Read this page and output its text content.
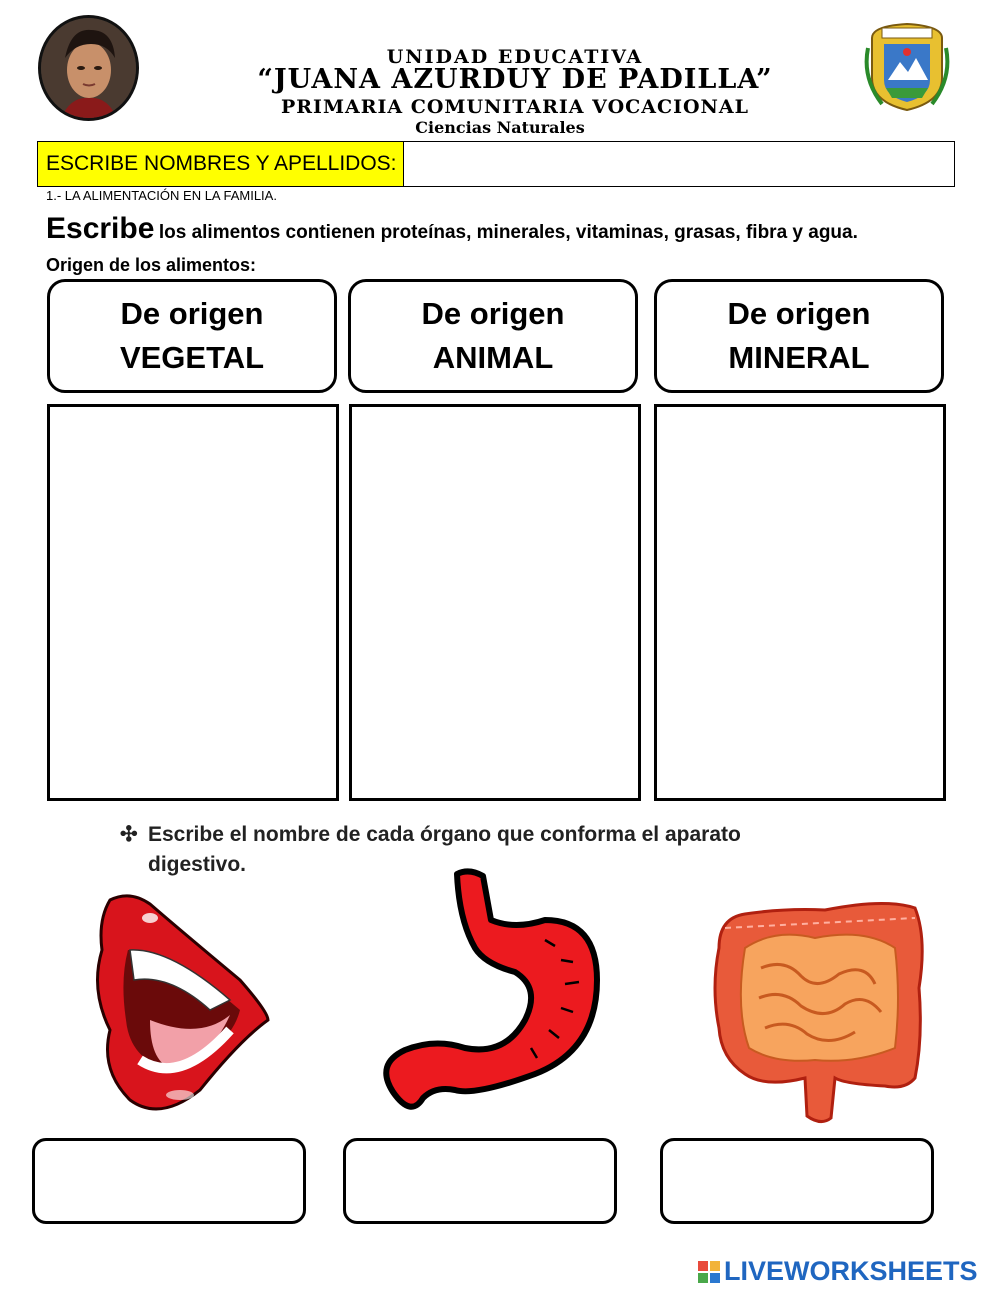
UNIDAD EDUCATIVA
“JUANA AZURDUY DE PADILLA”
PRIMARIA COMUNITARIA VOCACIONAL
Ciencias Naturales
ESCRIBE NOMBRES Y APELLIDOS:
1.- LA ALIMENTACIÓN EN LA FAMILIA.
Escribe los alimentos contienen proteínas, minerales, vitaminas, grasas, fibra y agua.
Origen de los alimentos:
De origen
VEGETAL
De origen
ANIMAL
De origen
MINERAL
✣ Escribe el nombre de cada órgano que conforma el aparato
digestivo.
LIVEWORKSHEETS
